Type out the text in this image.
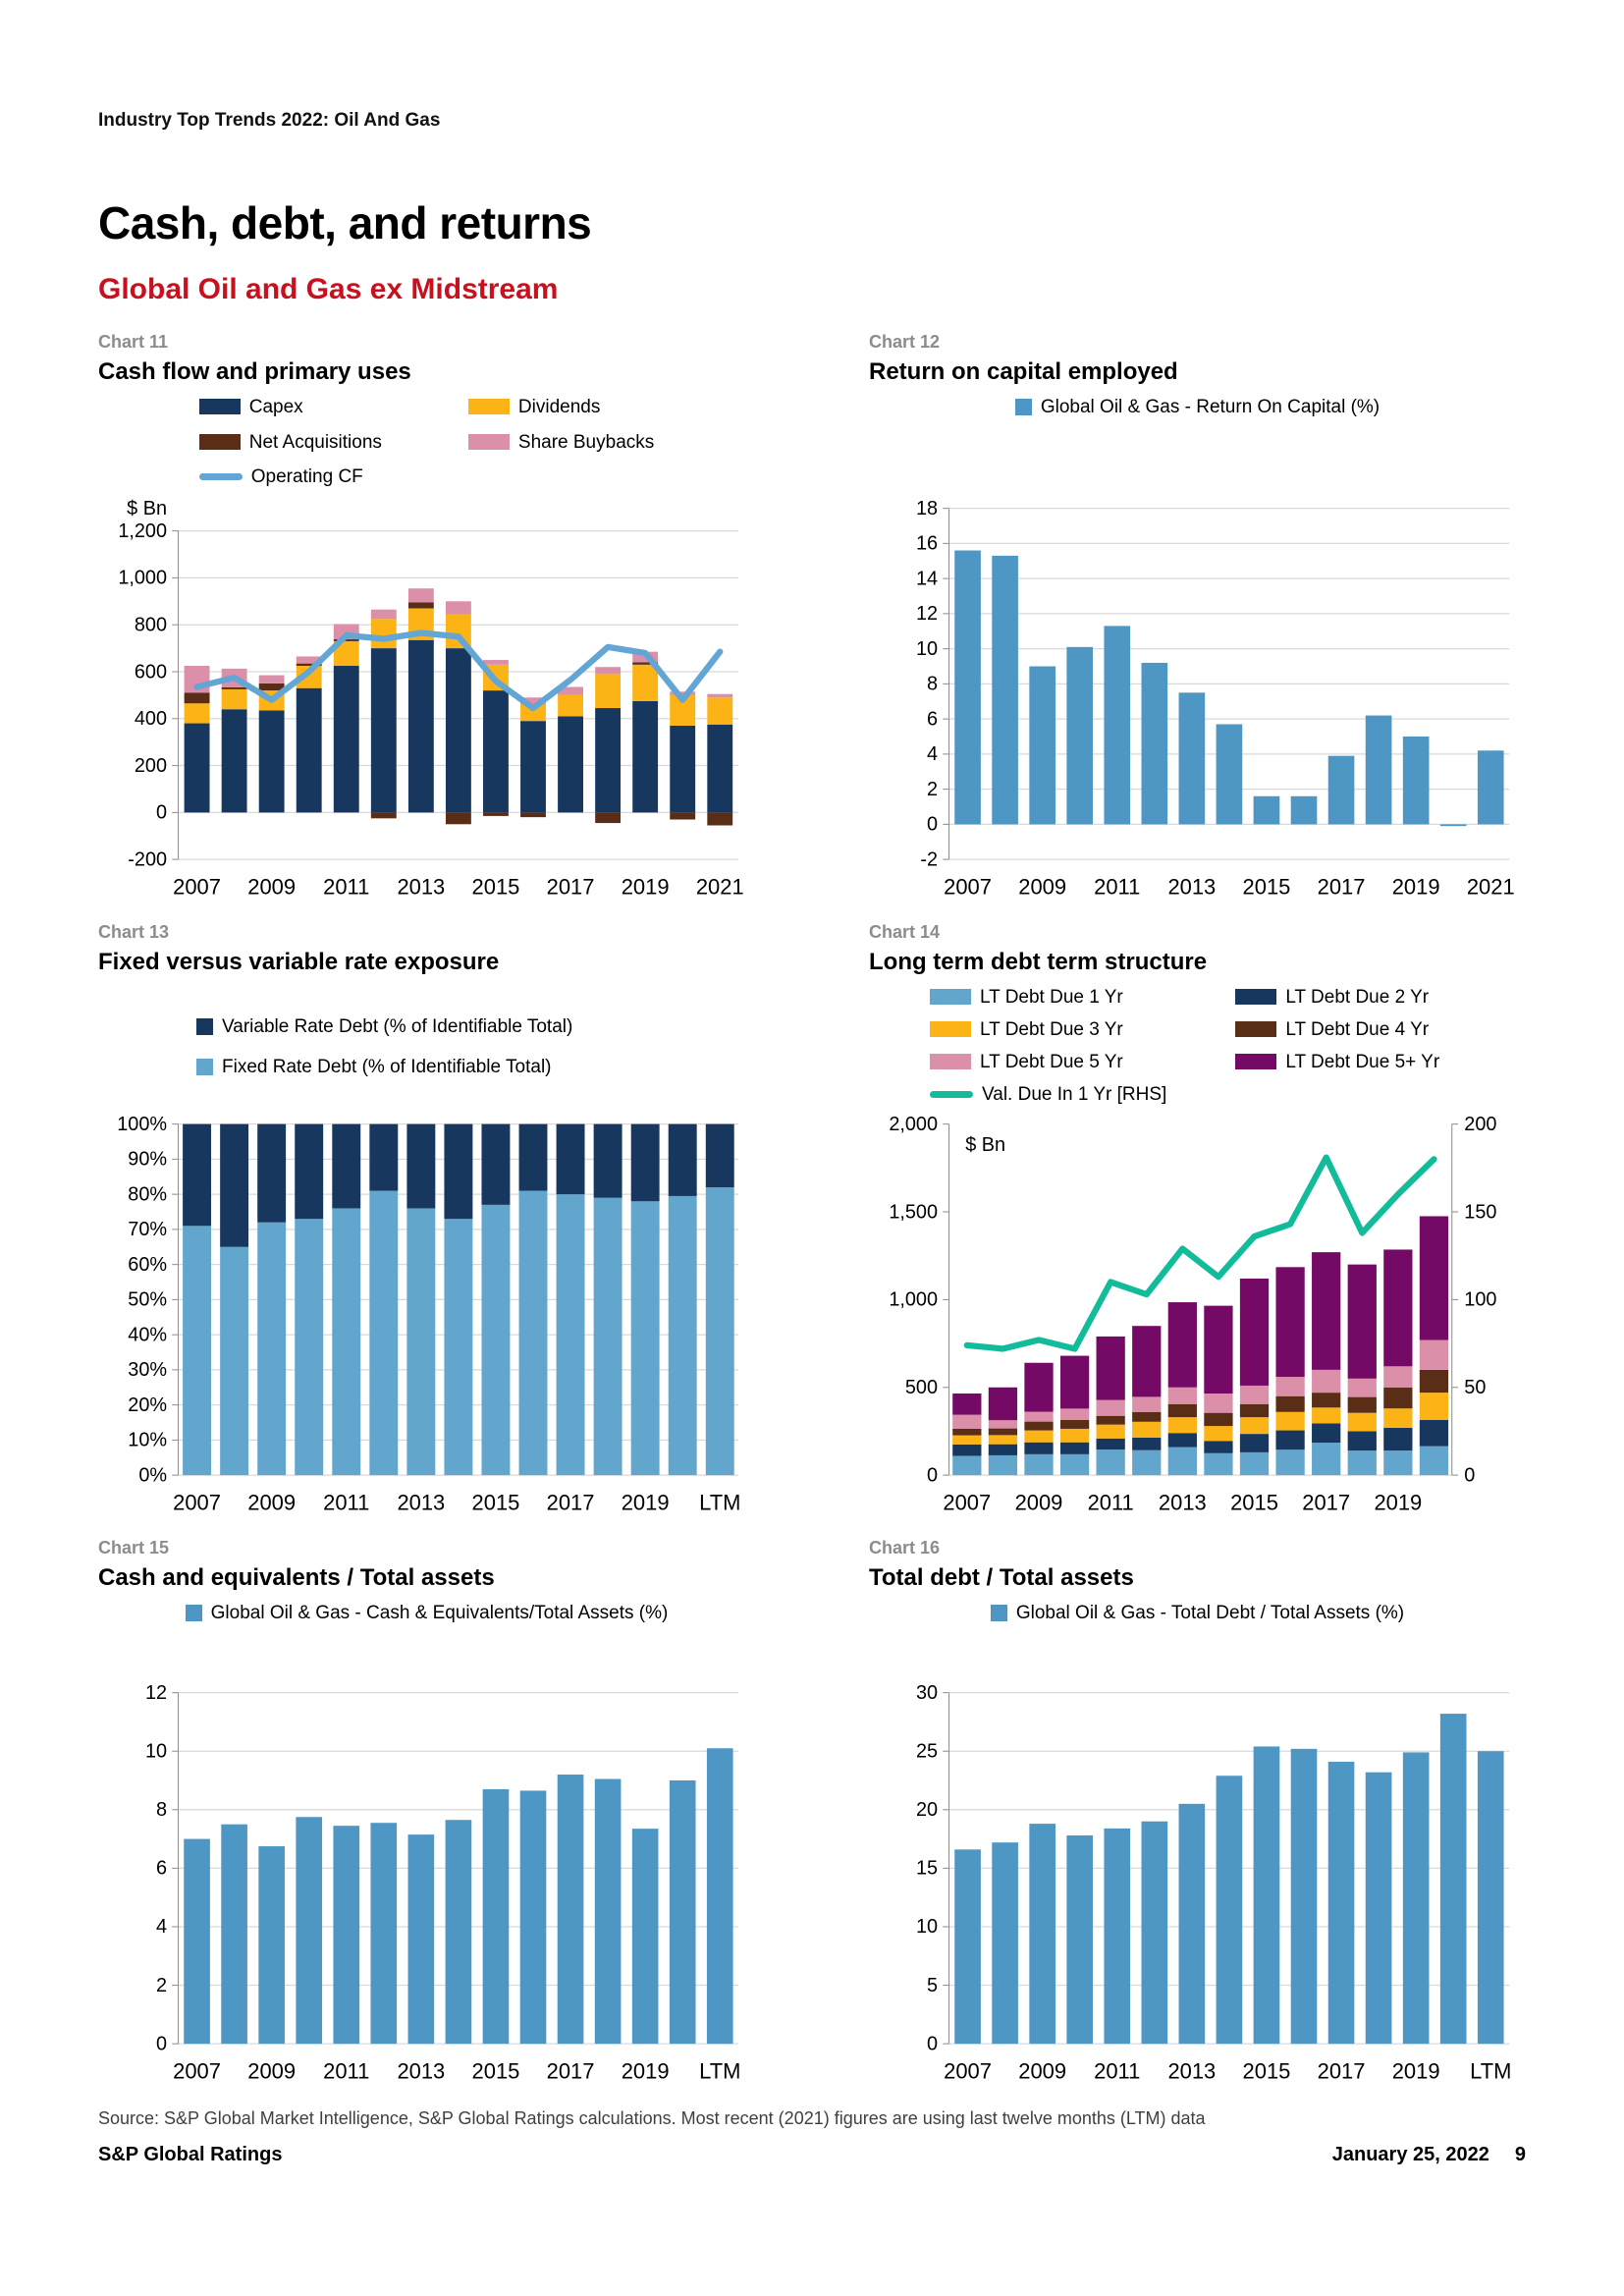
Industry Top Trends 2022: Oil And Gas
Cash, debt, and returns
Global Oil and Gas ex Midstream
Chart 11
Cash flow and primary uses
Capex	Dividends
Net Acquisitions	Share Buybacks
Operating CF
-200
0
200
400
600
800
1,000
1,200
$ Bn
2007 2009 2011 2013 2015 2017 2019 2021
Chart 12
Return on capital employed
Global Oil & Gas - Return On Capital (%)
-2
0
2
4
6
8
10
12
14
16
18
2007 2009 2011 2013 2015 2017 2019 2021
Chart 13
Fixed versus variable rate exposure
Variable Rate Debt (% of Identifiable Total)
Fixed Rate Debt (% of Identifiable Total)
0%
10%
20%
30%
40%
50%
60%
70%
80%
90%
100%
2007 2009 2011 2013 2015 2017 2019 LTM
Chart 14
Long term debt term structure
LT Debt Due 1 Yr	LT Debt Due 2 Yr
LT Debt Due 3 Yr	LT Debt Due 4 Yr
LT Debt Due 5 Yr	LT Debt Due 5+ Yr
Val. Due In 1 Yr [RHS]
0
500
1,000
1,500
2,000
0
50
100
150
200
$ Bn
2007 2009 2011 2013 2015 2017 2019
Chart 15
Cash and equivalents / Total assets
Global Oil & Gas - Cash & Equivalents/Total Assets (%)
0
2
4
6
8
10
12
2007 2009 2011 2013 2015 2017 2019 LTM
Chart 16
Total debt / Total assets
Global Oil & Gas - Total Debt / Total Assets (%)
0
5
10
15
20
25
30
2007 2009 2011 2013 2015 2017 2019 LTM
Source: S&P Global Market Intelligence, S&P Global Ratings calculations. Most recent (2021) figures are using last twelve months (LTM) data
S&P Global Ratings	January 25, 2022 9
